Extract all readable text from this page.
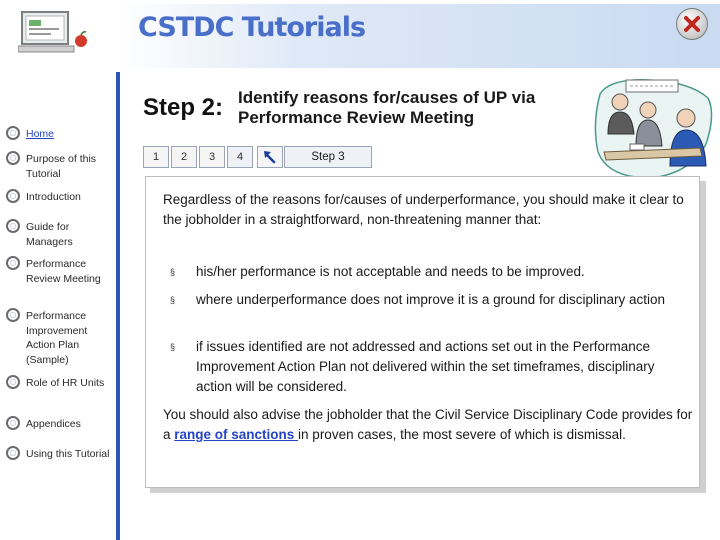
CSTDC Tutorials
Home
Purpose of this Tutorial
Introduction
Guide for Managers
Performance Review Meeting
Performance Improvement Action Plan (Sample)
Role of HR Units
Appendices
Using this Tutorial
Step 2: Identify reasons for/causes of UP via Performance Review Meeting
1	2	3	4	Step 3
Regardless of the reasons for/causes of underperformance, you should make it clear to the jobholder in a straightforward, non-threatening manner that:
§	his/her performance is not acceptable and needs to be improved.
§	where underperformance does not improve it is a ground for disciplinary action
§	if issues identified are not addressed and actions set out in the Performance Improvement Action Plan not delivered within the set timeframes, disciplinary action will be considered.
You should also advise the jobholder that the Civil Service Disciplinary Code provides for a range of sanctions in proven cases, the most severe of which is dismissal.
